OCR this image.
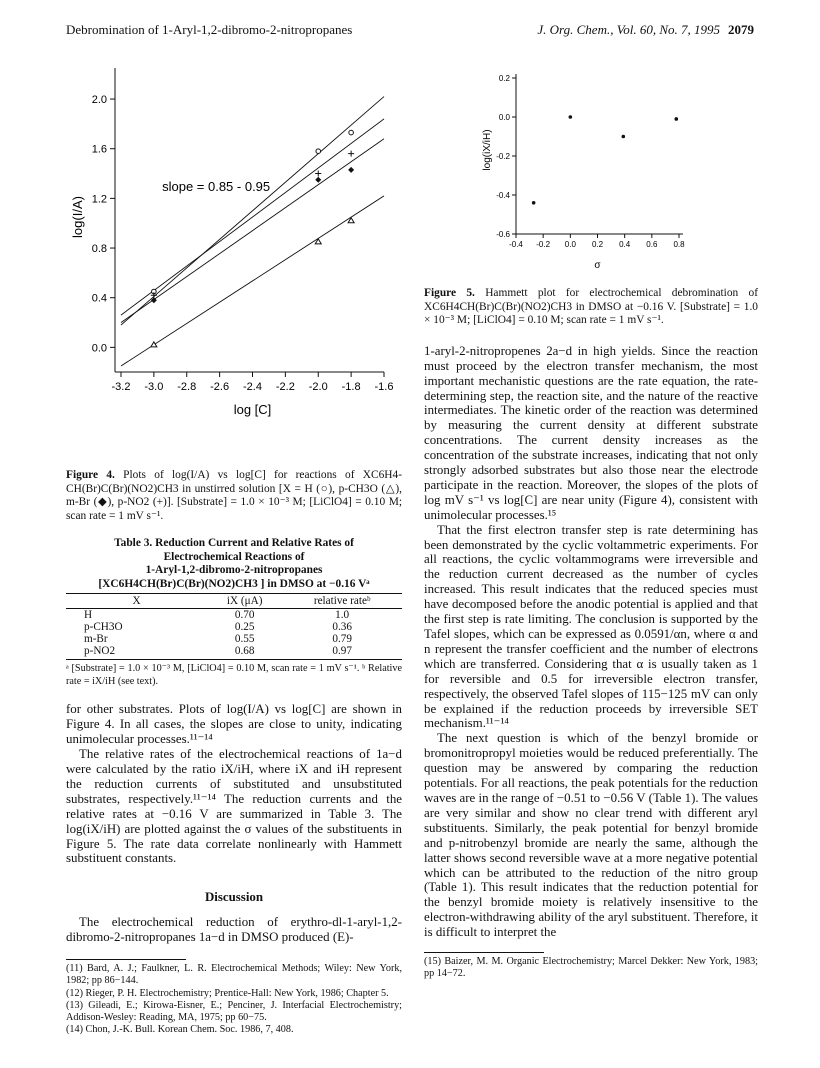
Debromination of 1-Aryl-1,2-dibromo-2-nitropropanes	J. Org. Chem., Vol. 60, No. 7, 1995 2079
0.0
0.4
0.8
1.2
1.6
2.0
-3.2 -3.0 -2.8 -2.6 -2.4 -2.2 -2.0 -1.8 -1.6
log [C]
log(I/A)
slope = 0.85 - 0.95

Figure 4. Plots of log(I/A) vs log[C] for reactions of XC6H4-CH(Br)C(Br)(NO2)CH3 in unstirred solution [X = H (○), p-CH3O (△), m-Br (◆), p-NO2 (+)]. [Substrate] = 1.0 × 10⁻³ M; [LiClO4] = 0.10 M; scan rate = 1 mV s⁻¹.

Table 3. Reduction Current and Relative Rates of
Electrochemical Reactions of
1-Aryl-1,2-dibromo-2-nitropropanes
[XC6H4CH(Br)C(Br)(NO2)CH3 ] in DMSO at −0.16 Vᵃ

X	iX (μA)	relative rateᵇ
H	0.70	1.0
p-CH3O	0.25	0.36
m-Br	0.55	0.79
p-NO2	0.68	0.97

ᵃ [Substrate] = 1.0 × 10⁻³ M, [LiClO4] = 0.10 M, scan rate = 1 mV s⁻¹. ᵇ Relative rate = iX/iH (see text).

for other substrates. Plots of log(I/A) vs log[C] are shown in Figure 4. In all cases, the slopes are close to unity, indicating unimolecular processes.¹¹⁻¹⁴

The relative rates of the electrochemical reactions of 1a−d were calculated by the ratio iX/iH, where iX and iH represent the reduction currents of substituted and unsubstituted substrates, respectively.¹¹⁻¹⁴ The reduction currents and the relative rates at −0.16 V are summarized in Table 3. The log(iX/iH) are plotted against the σ values of the substituents in Figure 5. The rate data correlate nonlinearly with Hammett substituent constants.

Discussion

The electrochemical reduction of erythro-dl-1-aryl-1,2-dibromo-2-nitropropanes 1a−d in DMSO produced (E)-

(11) Bard, A. J.; Faulkner, L. R. Electrochemical Methods; Wiley: New York, 1982; pp 86−144.

(12) Rieger, P. H. Electrochemistry; Prentice-Hall: New York, 1986; Chapter 5.

(13) Gileadi, E.; Kirowa-Eisner, E.; Penciner, J. Interfacial Electrochemistry; Addison-Wesley: Reading, MA, 1975; pp 60−75.

(14) Chon, J.-K. Bull. Korean Chem. Soc. 1986, 7, 408.

0.2
0.0
-0.2
-0.4
-0.6
-0.4 -0.2 0.0 0.2 0.4 0.6 0.8
σ
log(iX/iH)

Figure 5. Hammett plot for electrochemical debromination of XC6H4CH(Br)C(Br)(NO2)CH3 in DMSO at −0.16 V. [Substrate] = 1.0 × 10⁻³ M; [LiClO4] = 0.10 M; scan rate = 1 mV s⁻¹.

1-aryl-2-nitropropenes 2a−d in high yields. Since the reaction must proceed by the electron transfer mechanism, the most important mechanistic questions are the rate equation, the rate-determining step, the reaction site, and the nature of the reactive intermediates. The kinetic order of the reaction was determined by measuring the current density at different substrate concentrations. The current density increases as the concentration of the substrate increases, indicating that not only strongly adsorbed substrates but also those near the electrode participate in the reaction. Moreover, the slopes of the plots of log mV s⁻¹ vs log[C] are near unity (Figure 4), consistent with unimolecular processes.¹⁵

That the first electron transfer step is rate determining has been demonstrated by the cyclic voltammetric experiments. For all reactions, the cyclic voltammograms were irreversible and the reduction current decreased as the number of cycles increased. This result indicates that the reduced species must have decomposed before the anodic potential is applied and that the first step is rate limiting. The conclusion is supported by the Tafel slopes, which can be expressed as 0.0591/αn, where α and n represent the transfer coefficient and the number of electrons which are transferred. Considering that α is usually taken as 1 for reversible and 0.5 for irreversible electron transfer, respectively, the observed Tafel slopes of 115−125 mV can only be explained if the reduction proceeds by irreversible SET mechanism.¹¹⁻¹⁴

The next question is which of the benzyl bromide or bromonitropropyl moieties would be reduced preferentially. The question may be answered by comparing the reduction potentials. For all reactions, the peak potentials for the reduction waves are in the range of −0.51 to −0.56 V (Table 1). The values are very similar and show no clear trend with different aryl substituents. Similarly, the peak potential for benzyl bromide and p-nitrobenzyl bromide are nearly the same, although the latter shows second reversible wave at a more negative potential which can be attributed to the reduction of the nitro group (Table 1). This result indicates that the reduction potential for the benzyl bromide moiety is relatively insensitive to the electron-withdrawing ability of the aryl substituent. Therefore, it is difficult to interpret the

(15) Baizer, M. M. Organic Electrochemistry; Marcel Dekker: New York, 1983; pp 14−72.
